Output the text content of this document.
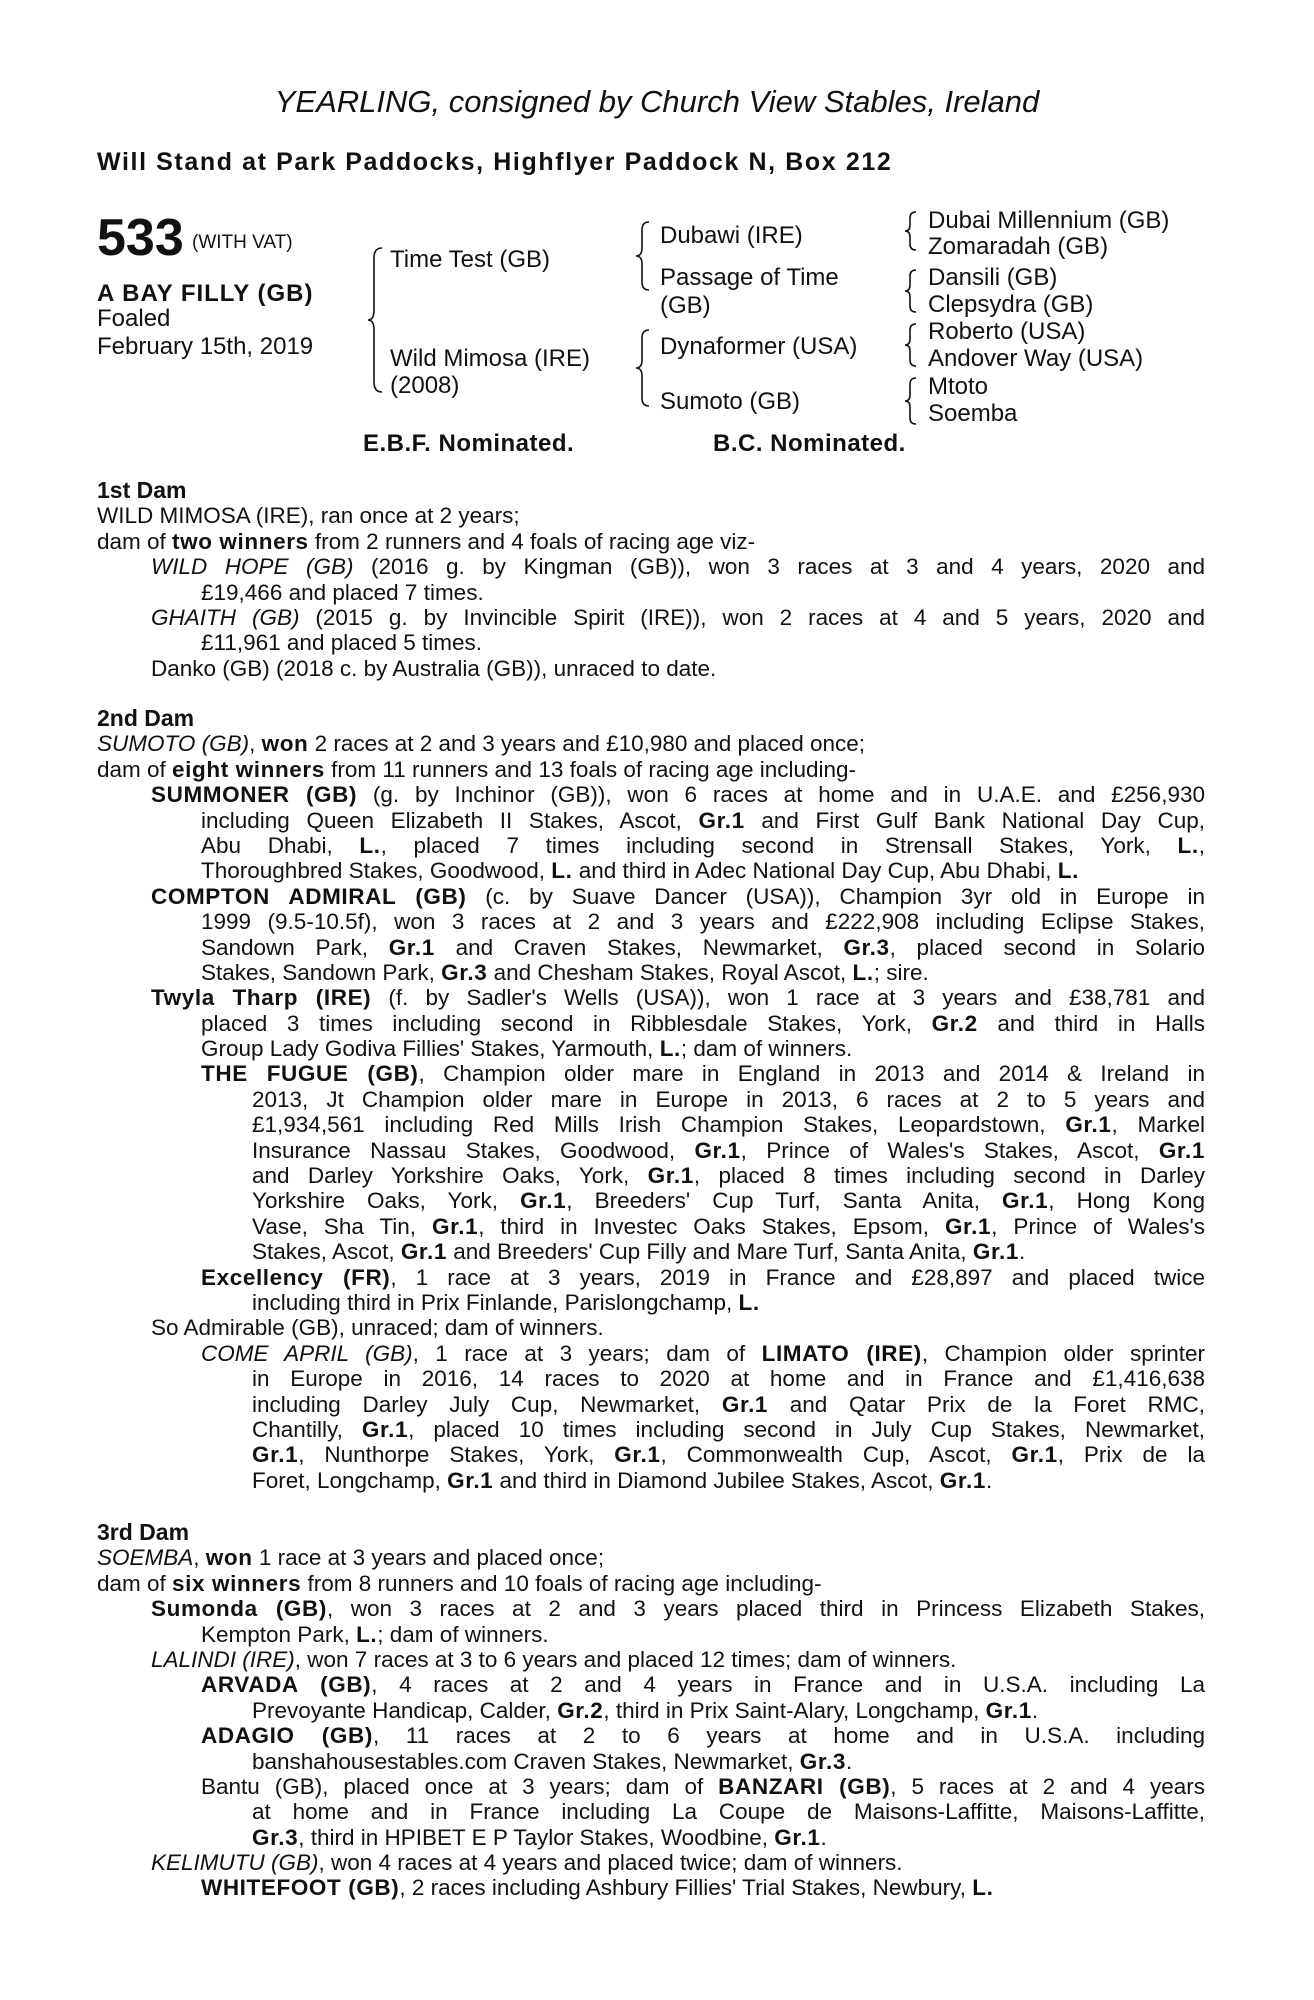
YEARLING, consigned by Church View Stables, Ireland
Will Stand at Park Paddocks, Highflyer Paddock N, Box 212
533 (WITH VAT)
A BAY FILLY (GB)
Foaled
February 15th, 2019
Time Test (GB)
Wild Mimosa (IRE)
(2008)
Dubawi (IRE)
Passage of Time
(GB)
Dynaformer (USA)
Sumoto (GB)
Dubai Millennium (GB)
Zomaradah (GB)
Dansili (GB)
Clepsydra (GB)
Roberto (USA)
Andover Way (USA)
Mtoto
Soemba
E.B.F. Nominated.	B.C. Nominated.
1st Dam
WILD MIMOSA (IRE), ran once at 2 years;
dam of two winners from 2 runners and 4 foals of racing age viz-
WILD HOPE (GB) (2016 g. by Kingman (GB)), won 3 races at 3 and 4 years, 2020 and
£19,466 and placed 7 times.
GHAITH (GB) (2015 g. by Invincible Spirit (IRE)), won 2 races at 4 and 5 years, 2020 and
£11,961 and placed 5 times.
Danko (GB) (2018 c. by Australia (GB)), unraced to date.
2nd Dam
SUMOTO (GB), won 2 races at 2 and 3 years and £10,980 and placed once;
dam of eight winners from 11 runners and 13 foals of racing age including-
SUMMONER (GB) (g. by Inchinor (GB)), won 6 races at home and in U.A.E. and £256,930
including Queen Elizabeth II Stakes, Ascot, Gr.1 and First Gulf Bank National Day Cup,
Abu Dhabi, L., placed 7 times including second in Strensall Stakes, York, L.,
Thoroughbred Stakes, Goodwood, L. and third in Adec National Day Cup, Abu Dhabi, L.
COMPTON ADMIRAL (GB) (c. by Suave Dancer (USA)), Champion 3yr old in Europe in
1999 (9.5-10.5f), won 3 races at 2 and 3 years and £222,908 including Eclipse Stakes,
Sandown Park, Gr.1 and Craven Stakes, Newmarket, Gr.3, placed second in Solario
Stakes, Sandown Park, Gr.3 and Chesham Stakes, Royal Ascot, L.; sire.
Twyla Tharp (IRE) (f. by Sadler's Wells (USA)), won 1 race at 3 years and £38,781 and
placed 3 times including second in Ribblesdale Stakes, York, Gr.2 and third in Halls
Group Lady Godiva Fillies' Stakes, Yarmouth, L.; dam of winners.
THE FUGUE (GB), Champion older mare in England in 2013 and 2014 & Ireland in
2013, Jt Champion older mare in Europe in 2013, 6 races at 2 to 5 years and
£1,934,561 including Red Mills Irish Champion Stakes, Leopardstown, Gr.1, Markel
Insurance Nassau Stakes, Goodwood, Gr.1, Prince of Wales's Stakes, Ascot, Gr.1
and Darley Yorkshire Oaks, York, Gr.1, placed 8 times including second in Darley
Yorkshire Oaks, York, Gr.1, Breeders' Cup Turf, Santa Anita, Gr.1, Hong Kong
Vase, Sha Tin, Gr.1, third in Investec Oaks Stakes, Epsom, Gr.1, Prince of Wales's
Stakes, Ascot, Gr.1 and Breeders' Cup Filly and Mare Turf, Santa Anita, Gr.1.
Excellency (FR), 1 race at 3 years, 2019 in France and £28,897 and placed twice
including third in Prix Finlande, Parislongchamp, L.
So Admirable (GB), unraced; dam of winners.
COME APRIL (GB), 1 race at 3 years; dam of LIMATO (IRE), Champion older sprinter
in Europe in 2016, 14 races to 2020 at home and in France and £1,416,638
including Darley July Cup, Newmarket, Gr.1 and Qatar Prix de la Foret RMC,
Chantilly, Gr.1, placed 10 times including second in July Cup Stakes, Newmarket,
Gr.1, Nunthorpe Stakes, York, Gr.1, Commonwealth Cup, Ascot, Gr.1, Prix de la
Foret, Longchamp, Gr.1 and third in Diamond Jubilee Stakes, Ascot, Gr.1.
3rd Dam
SOEMBA, won 1 race at 3 years and placed once;
dam of six winners from 8 runners and 10 foals of racing age including-
Sumonda (GB), won 3 races at 2 and 3 years placed third in Princess Elizabeth Stakes,
Kempton Park, L.; dam of winners.
LALINDI (IRE), won 7 races at 3 to 6 years and placed 12 times; dam of winners.
ARVADA (GB), 4 races at 2 and 4 years in France and in U.S.A. including La
Prevoyante Handicap, Calder, Gr.2, third in Prix Saint-Alary, Longchamp, Gr.1.
ADAGIO (GB), 11 races at 2 to 6 years at home and in U.S.A. including
banshahousestables.com Craven Stakes, Newmarket, Gr.3.
Bantu (GB), placed once at 3 years; dam of BANZARI (GB), 5 races at 2 and 4 years
at home and in France including La Coupe de Maisons-Laffitte, Maisons-Laffitte,
Gr.3, third in HPIBET E P Taylor Stakes, Woodbine, Gr.1.
KELIMUTU (GB), won 4 races at 4 years and placed twice; dam of winners.
WHITEFOOT (GB), 2 races including Ashbury Fillies' Trial Stakes, Newbury, L.
